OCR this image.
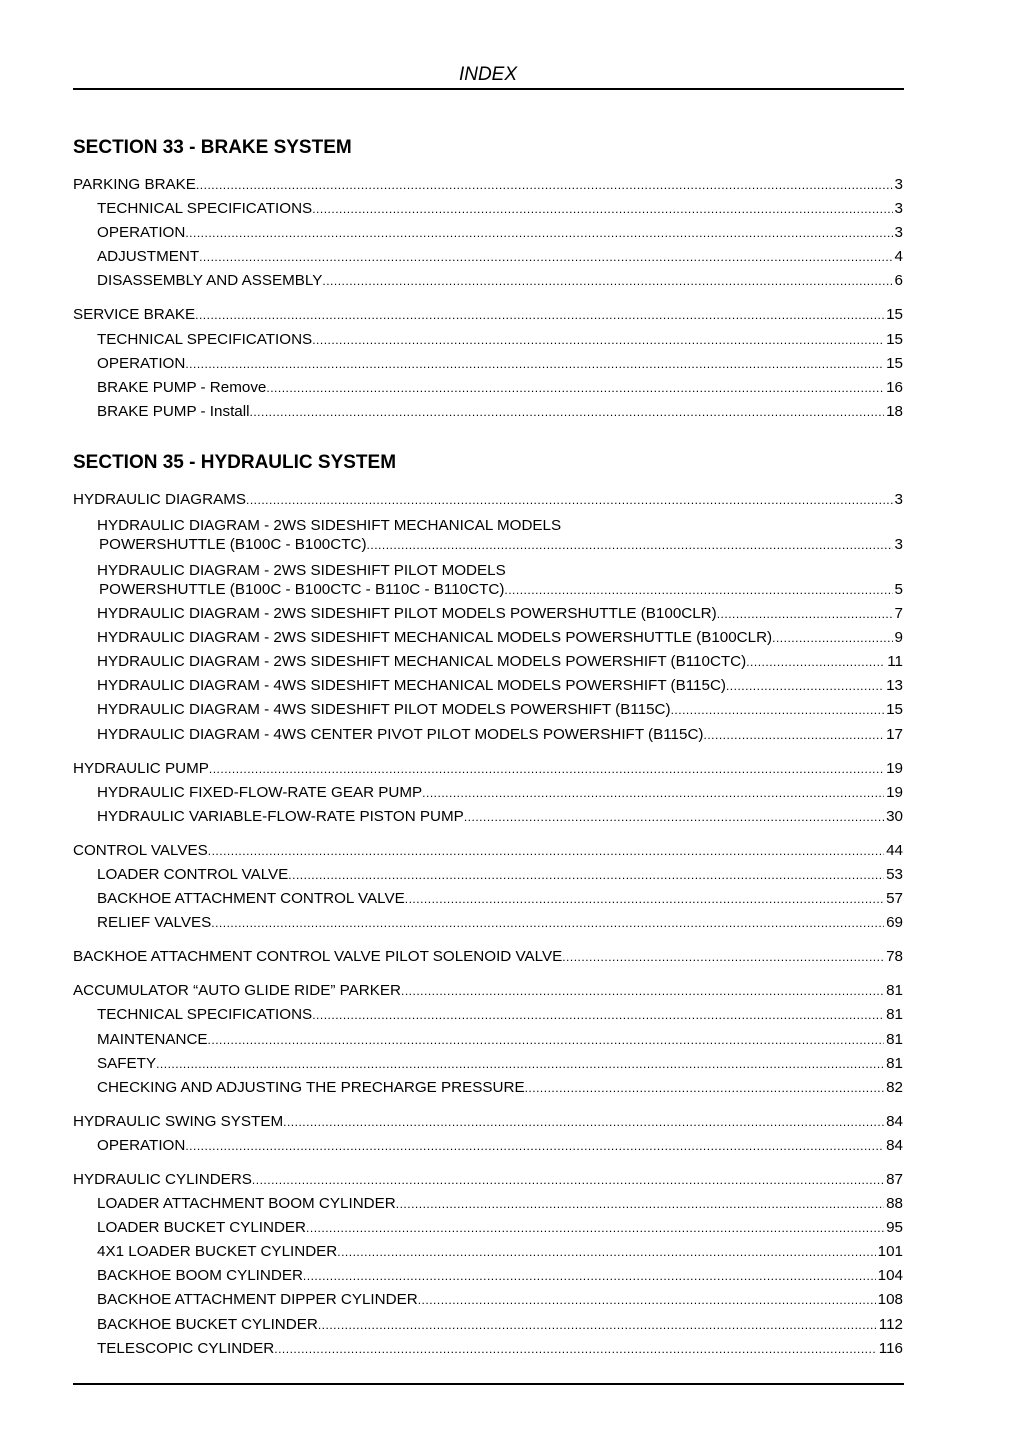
INDEX
SECTION 33 - BRAKE SYSTEM
PARKING BRAKE .....	3
TECHNICAL SPECIFICATIONS .....	3
OPERATION .....	3
ADJUSTMENT .....	4
DISASSEMBLY AND ASSEMBLY .....	6
SERVICE BRAKE .....	15
TECHNICAL SPECIFICATIONS .....	15
OPERATION .....	15
BRAKE PUMP - Remove .....	16
BRAKE PUMP - Install .....	18
SECTION 35 - HYDRAULIC SYSTEM
HYDRAULIC DIAGRAMS .....	3
HYDRAULIC DIAGRAM - 2WS SIDESHIFT MECHANICAL MODELS
POWERSHUTTLE (B100C - B100CTC) .....	3
HYDRAULIC DIAGRAM - 2WS SIDESHIFT PILOT MODELS
POWERSHUTTLE (B100C - B100CTC - B110C - B110CTC) .....	5
HYDRAULIC DIAGRAM - 2WS SIDESHIFT PILOT MODELS POWERSHUTTLE (B100CLR) .....	7
HYDRAULIC DIAGRAM - 2WS SIDESHIFT MECHANICAL MODELS POWERSHUTTLE (B100CLR) .....	9
HYDRAULIC DIAGRAM - 2WS SIDESHIFT MECHANICAL MODELS POWERSHIFT (B110CTC) .....	11
HYDRAULIC DIAGRAM - 4WS SIDESHIFT MECHANICAL MODELS POWERSHIFT (B115C) .....	13
HYDRAULIC DIAGRAM - 4WS SIDESHIFT PILOT MODELS POWERSHIFT (B115C) .....	15
HYDRAULIC DIAGRAM - 4WS CENTER PIVOT PILOT MODELS POWERSHIFT (B115C) .....	17
HYDRAULIC PUMP .....	19
HYDRAULIC FIXED-FLOW-RATE GEAR PUMP .....	19
HYDRAULIC VARIABLE-FLOW-RATE PISTON PUMP .....	30
CONTROL VALVES .....	44
LOADER CONTROL VALVE .....	53
BACKHOE ATTACHMENT CONTROL VALVE .....	57
RELIEF VALVES .....	69
BACKHOE ATTACHMENT CONTROL VALVE PILOT SOLENOID VALVE .....	78
ACCUMULATOR “AUTO GLIDE RIDE” PARKER .....	81
TECHNICAL SPECIFICATIONS .....	81
MAINTENANCE .....	81
SAFETY .....	81
CHECKING AND ADJUSTING THE PRECHARGE PRESSURE .....	82
HYDRAULIC SWING SYSTEM .....	84
OPERATION .....	84
HYDRAULIC CYLINDERS .....	87
LOADER ATTACHMENT BOOM CYLINDER .....	88
LOADER BUCKET CYLINDER .....	95
4X1 LOADER BUCKET CYLINDER .....	101
BACKHOE BOOM CYLINDER .....	104
BACKHOE ATTACHMENT DIPPER CYLINDER .....	108
BACKHOE BUCKET CYLINDER .....	112
TELESCOPIC CYLINDER .....	116
